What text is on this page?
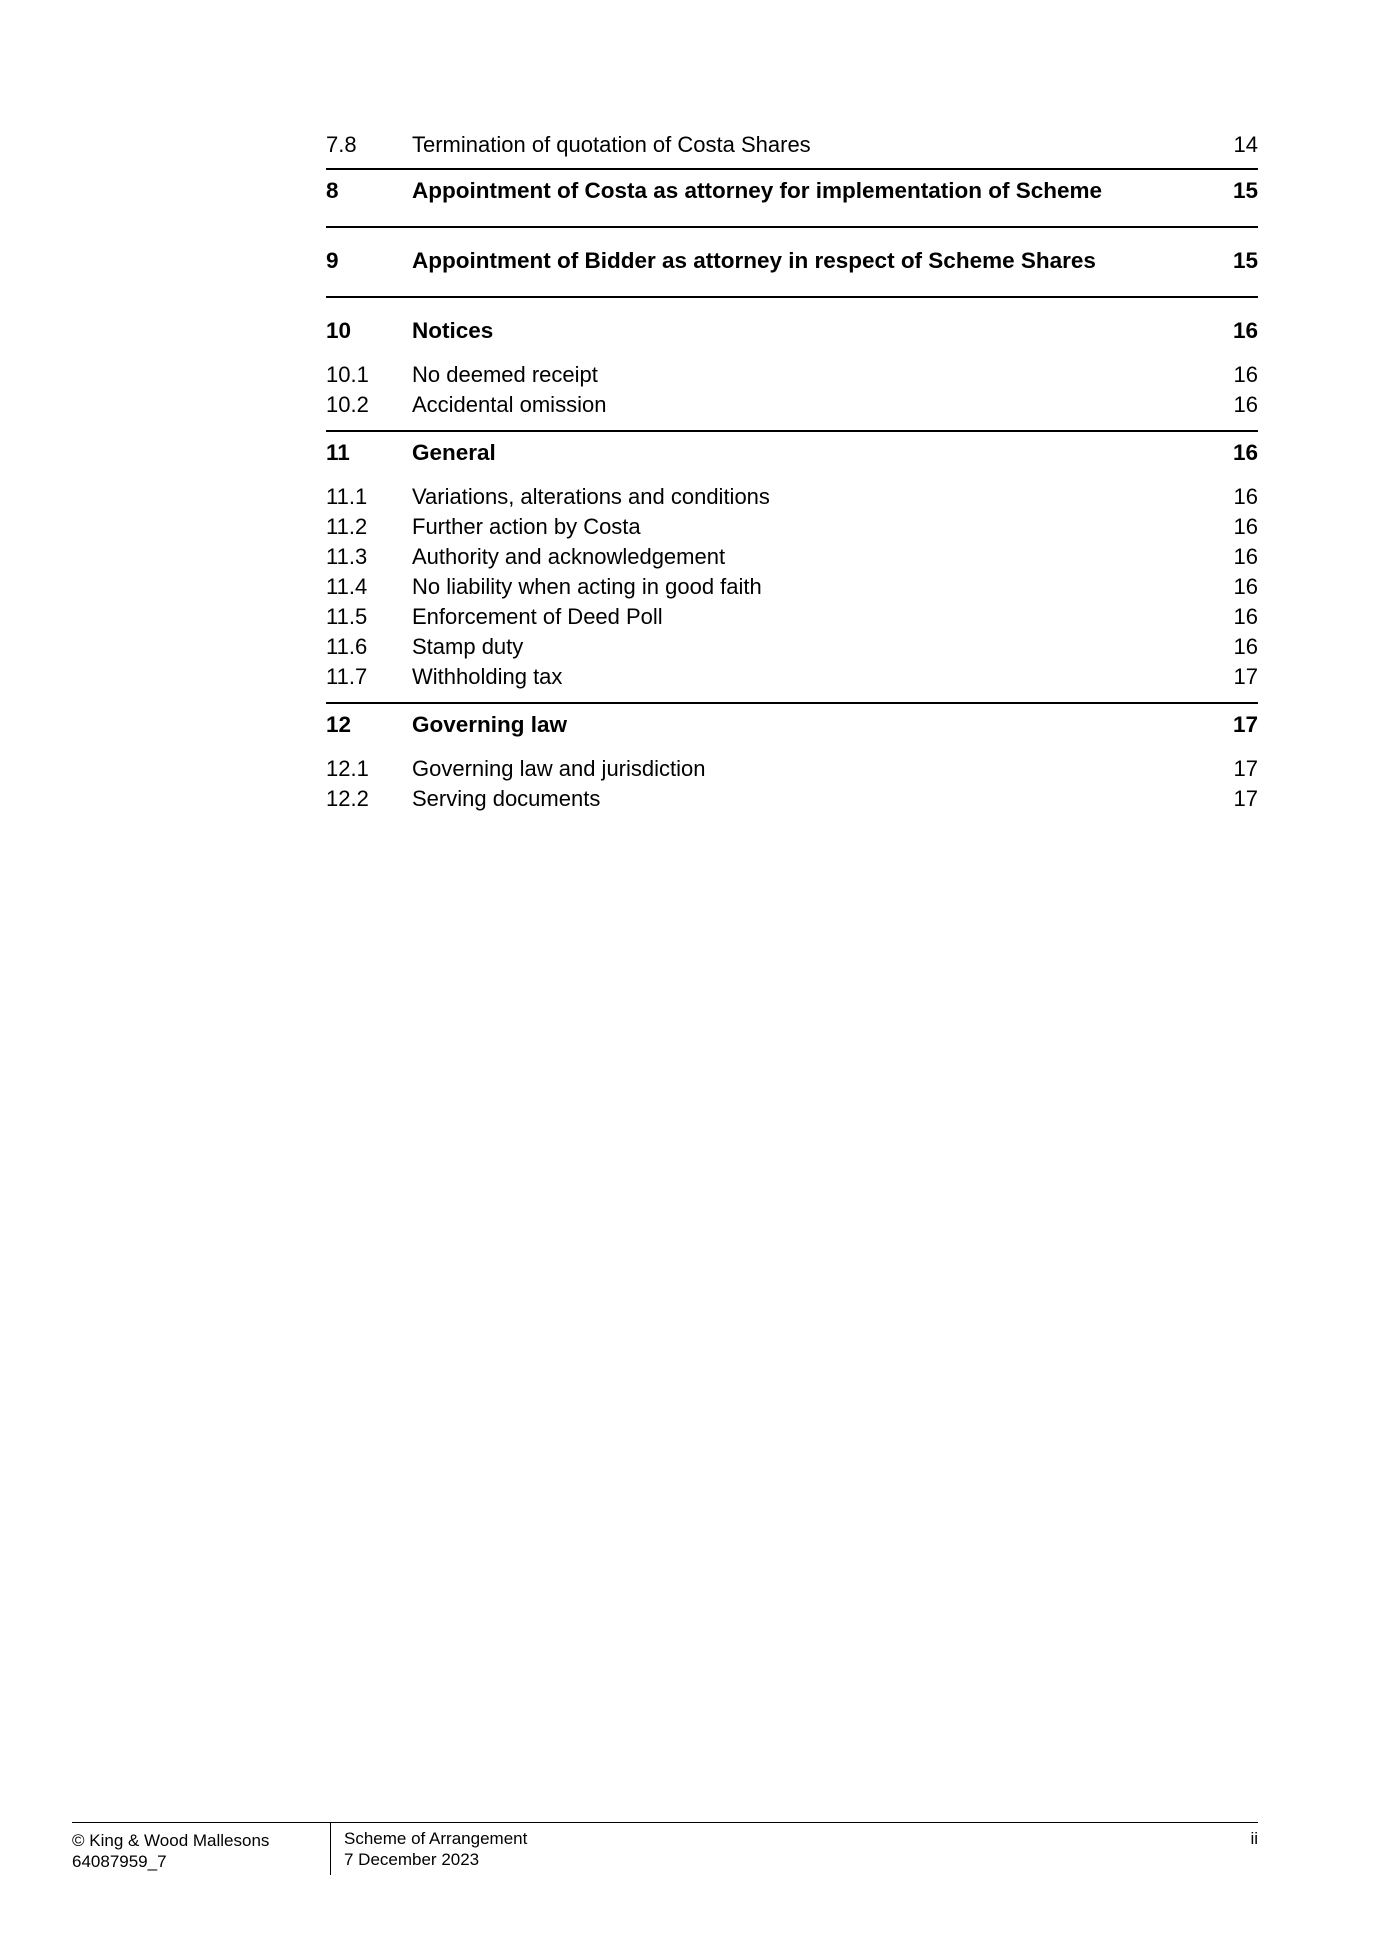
7.8	Termination of quotation of Costa Shares	14
8	Appointment of Costa as attorney for implementation of Scheme	15
9	Appointment of Bidder as attorney in respect of Scheme Shares	15
10	Notices	16
10.1	No deemed receipt	16
10.2	Accidental omission	16
11	General	16
11.1	Variations, alterations and conditions	16
11.2	Further action by Costa	16
11.3	Authority and acknowledgement	16
11.4	No liability when acting in good faith	16
11.5	Enforcement of Deed Poll	16
11.6	Stamp duty	16
11.7	Withholding tax	17
12	Governing law	17
12.1	Governing law and jurisdiction	17
12.2	Serving documents	17
© King & Wood Mallesons
64087959_7
Scheme of Arrangement
7 December 2023
ii
